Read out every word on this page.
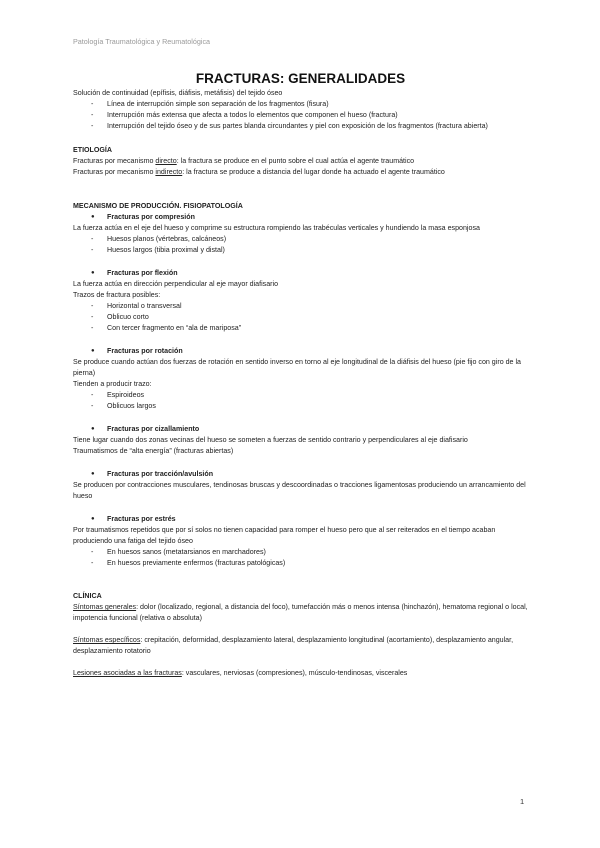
Patología Traumatológica y Reumatológica
FRACTURAS: GENERALIDADES

Solución de continuidad (epífisis, diáfisis, metáfisis) del tejido óseo

- Línea de interrupción simple son separación de los fragmentos (fisura)
- Interrupción más extensa que afecta a todos lo elementos que componen el hueso (fractura)
- Interrupción del tejido óseo y de sus partes blanda circundantes y piel con exposición de los fragmentos (fractura abierta)
ETIOLOGÍA

Fracturas por mecanismo directo: la fractura se produce en el punto sobre el cual actúa el agente traumático

Fracturas por mecanismo indirecto: la fractura se produce a distancia del lugar donde ha actuado el agente traumático

MECANISMO DE PRODUCCIÓN. FISIOPATOLOGÍA
● Fracturas por compresión

La fuerza actúa en el eje del hueso y comprime su estructura rompiendo las trabéculas verticales y hundiendo la masa esponjosa

- Huesos planos (vértebras, calcáneos)
- Huesos largos (tibia proximal y distal)
● Fracturas por flexión

La fuerza actúa en dirección perpendicular al eje mayor diafisario

Trazos de fractura posibles:

- Horizontal o transversal
- Oblicuo corto
- Con tercer fragmento en “ala de mariposa”
● Fracturas por rotación

Se produce cuando actúan dos fuerzas de rotación en sentido inverso en torno al eje longitudinal de la diáfisis del hueso (pie fijo con giro de la pierna)

Tienden a producir trazo:

- Espiroideos
- Oblicuos largos
● Fracturas por cizallamiento

Tiene lugar cuando dos zonas vecinas del hueso se someten a fuerzas de sentido contrario y perpendiculares al eje diafisario

Traumatismos de “alta energía” (fracturas abiertas)

● Fracturas por tracción/avulsión

Se producen por contracciones musculares, tendinosas bruscas y descoordinadas o tracciones ligamentosas produciendo un arrancamiento del hueso

● Fracturas por estrés

Por traumatismos repetidos que por sí solos no tienen capacidad para romper el hueso pero que al ser reiterados en el tiempo acaban produciendo una fatiga del tejido óseo

- En huesos sanos (metatarsianos en marchadores)
- En huesos previamente enfermos (fracturas patológicas)
CLÍNICA

Síntomas generales: dolor (localizado, regional, a distancia del foco), tumefacción más o menos intensa (hinchazón), hematoma regional o local, impotencia funcional (relativa o absoluta)

Síntomas específicos: crepitación, deformidad, desplazamiento lateral, desplazamiento longitudinal (acortamiento), desplazamiento angular, desplazamiento rotatorio

Lesiones asociadas a las fracturas: vasculares, nerviosas (compresiones), músculo-tendinosas, viscerales

1
